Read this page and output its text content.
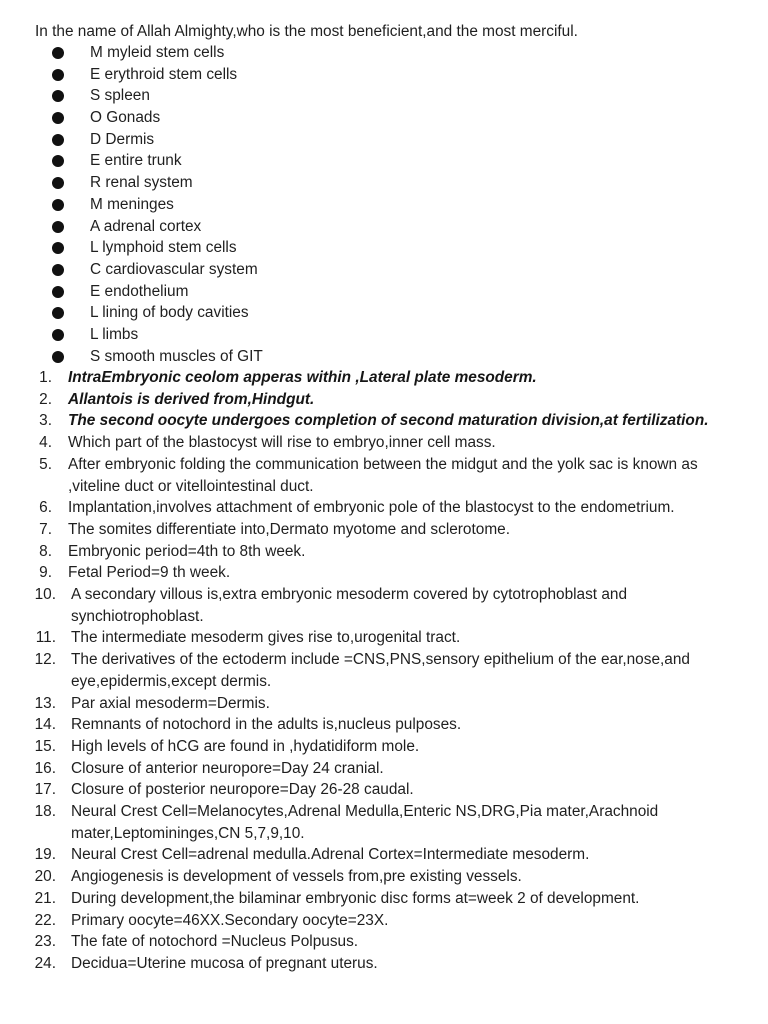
In the name of Allah Almighty,who is the most beneficient,and the most merciful.
M myleid stem cells
E erythroid stem cells
S spleen
O Gonads
D Dermis
E entire trunk
R renal system
M meninges
A adrenal cortex
L lymphoid stem cells
C cardiovascular system
E endothelium
L lining of body cavities
L limbs
S smooth muscles of GIT
1. IntraEmbryonic ceolom apperas within ,Lateral plate mesoderm.
2. Allantois is derived from,Hindgut.
3. The second oocyte undergoes completion of second maturation division,at fertilization.
4. Which part of the blastocyst will rise to embryo,inner cell mass.
5. After embryonic folding the communication between the midgut and the yolk sac is known as ,viteline duct or vitellointestinal duct.
6. Implantation,involves attachment of embryonic pole of the blastocyst to the endometrium.
7. The somites differentiate into,Dermato myotome and sclerotome.
8. Embryonic period=4th to 8th week.
9. Fetal Period=9 th week.
10. A secondary villous is,extra embryonic mesoderm covered by cytotrophoblast and synchiotrophoblast.
11. The intermediate mesoderm gives rise to,urogenital tract.
12. The derivatives of the ectoderm include =CNS,PNS,sensory epithelium of the ear,nose,and eye,epidermis,except dermis.
13. Par axial mesoderm=Dermis.
14. Remnants of notochord in the adults is,nucleus pulposes.
15. High levels of hCG are found in ,hydatidiform mole.
16. Closure of anterior neuropore=Day 24 cranial.
17. Closure of posterior neuropore=Day 26-28 caudal.
18. Neural Crest Cell=Melanocytes,Adrenal Medulla,Enteric NS,DRG,Pia mater,Arachnoid mater,Leptomininges,CN 5,7,9,10.
19. Neural Crest Cell=adrenal medulla.Adrenal Cortex=Intermediate mesoderm.
20. Angiogenesis is development of vessels from,pre existing vessels.
21. During development,the bilaminar embryonic disc forms at=week 2 of development.
22. Primary oocyte=46XX.Secondary oocyte=23X.
23. The fate of notochord =Nucleus Polpusus.
24. Decidua=Uterine mucosa of pregnant uterus.
